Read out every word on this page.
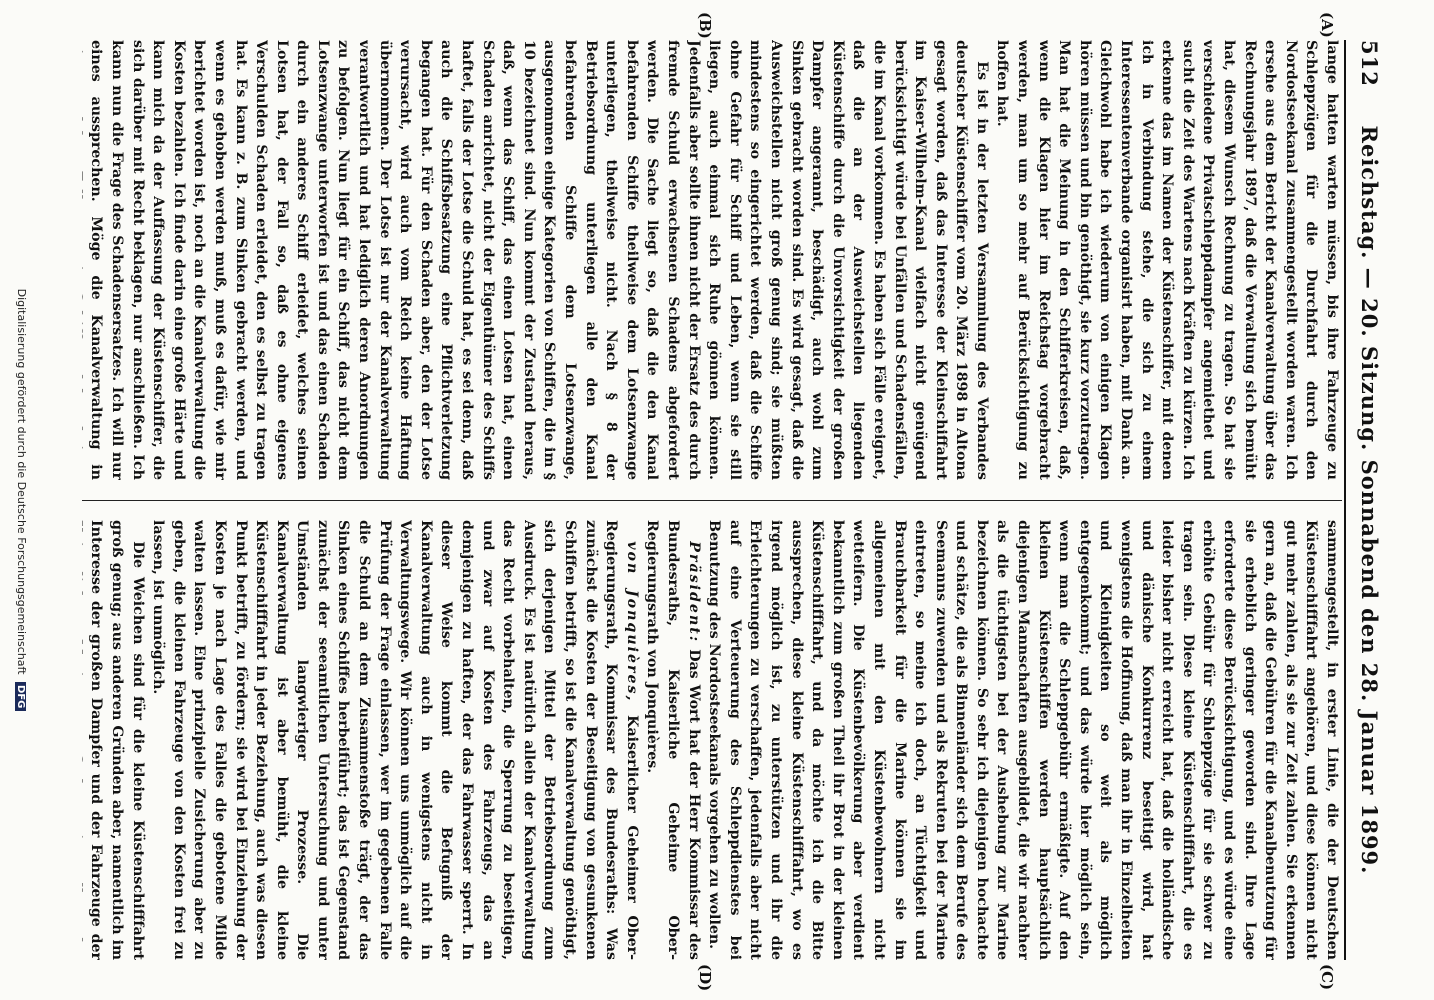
512
Reichstag. — 20. Sitzung. Sonnabend den 28. Januar 1899.
(A)
(B)
(C)
(D)

lange hatten warten müssen, bis ihre Fahrzeuge zu Schleppzügen für die Durchfahrt durch den Nordostseekanal zusammengestellt worden waren. Ich ersehe aus dem Bericht der Kanalverwaltung über das Rechnungsjahr 1897, daß die Verwaltung sich bemüht hat, diesem Wunsch Rechnung zu tragen. So hat sie verschiedene Privatschleppdampfer angemiethet und sucht die Zeit des Wartens nach Kräften zu kürzen. Ich erkenne das im Namen der Küstenschiffer, mit denen ich in Verbindung stehe, die sich zu einem Interessentenverbande organisirt haben, mit Dank an. Gleichwohl habe ich wiederum von einigen Klagen hören müssen und bin genöthigt, sie kurz vorzutragen. Man hat die Meinung in den Schifferkreisen, daß, wenn die Klagen hier im Reichstag vorgebracht werden, man um so mehr auf Berücksichtigung zu hoffen hat.

Es ist in der letzten Versammlung des Verbandes deutscher Küstenschiffer vom 20. März 1898 in Altona gesagt worden, daß das Interesse der Kleinschiffahrt im Kaiser-Wilhelm-Kanal vielfach nicht genügend berücksichtigt würde bei Unfällen und Schadensfällen, die im Kanal vorkommen. Es haben sich Fälle ereignet, daß die an der Ausweichstellen liegenden Küstenschiffe durch die Unvorsichtigkeit der großen Dampfer angerannt, beschädigt, auch wohl zum Sinken gebracht worden sind. Es wird gesagt, daß die Ausweichstellen nicht groß genug sind; sie müßten mindestens so eingerichtet werden, daß die Schiffe ohne Gefahr für Schiff und Leben, wenn sie still liegen, auch einmal sich Ruhe gönnen können. Jedenfalls aber sollte ihnen nicht der Ersatz des durch fremde Schuld erwachsenen Schadens abgefordert werden. Die Sache liegt so, daß die den Kanal befahrenden Schiffe theilweise dem Lotsenzwange unterliegen, theilweise nicht. Nach § 8 der Betriebsordnung unterliegen alle den Kanal befahrenden Schiffe dem Lotsenzwange, ausgenommen einige Kategorien von Schiffen, die im § 10 bezeichnet sind. Nun kommt der Zustand heraus, daß, wenn das Schiff, das einen Lotsen hat, einen Schaden anrichtet, nicht der Eigenthümer des Schiffs haftet, falls der Lotse die Schuld hat, es sei denn, daß auch die Schiffsbesatzung eine Pflichtverletzung begangen hat. Für den Schaden aber, den der Lotse verursacht, wird auch vom Reich keine Haftung übernommen. Der Lotse ist nur der Kanalverwaltung verantwortlich und hat lediglich deren Anordnungen zu befolgen. Nun liegt für ein Schiff, das nicht dem Lotsenzwange unterworfen ist und das einen Schaden durch ein anderes Schiff erleidet, welches seinen Lotsen hat, der Fall so, daß es ohne eigenes Verschulden Schaden erleidet, den es selbst zu tragen hat. Es kann z. B. zum Sinken gebracht werden, und wenn es gehoben werden muß, muß es dafür, wie mir berichtet worden ist, noch an die Kanalverwaltung die Kosten bezahlen. Ich finde darin eine große Härte und kann mich da der Auffassung der Küstenschiffer, die sich darüber mit Recht beklagen, nur anschließen. Ich kann nun die Frage des Schadensersatzes. Ich will nur eines aussprechen. Möge die Kanalverwaltung in

sammengestellt, in erster Linie, die der Deutschen Küstenschifffahrt angehören, und diese können nicht gut mehr zahlen, als sie zur Zeit zahlen. Sie erkennen gern an, daß die Gebühren für die Kanalbenutzung für sie erheblich geringer geworden sind. Ihre Lage erforderte diese Berücksichtigung, und es würde eine erhöhte Gebühr für Schleppzüge für sie schwer zu tragen sein. Diese kleine Küstenschifffahrt, die es leider bisher nicht erreicht hat, daß die holländische und dänische Konkurrenz beseitigt wird, hat wenigstens die Hoffnung, daß man ihr in Einzelheiten und Kleinigkeiten so weit als möglich entgegenkommt; und das würde hier möglich sein, wenn man die Schleppgebühr ermäßigte. Auf den kleinen Küstenschiffen werden hauptsächlich diejenigen Mannschaften ausgebildet, die wir nachher als die tüchtigsten bei der Aushebung zur Marine bezeichnen können. So sehr ich diejenigen hochachte und schätze, die als Binnenländer sich dem Berufe des Seemanns zuwenden und als Rekruten bei der Marine eintreten, so meine ich doch, an Tüchtigkeit und Brauchbarkeit für die Marine können sie im allgemeinen mit den Küstenbewohnern nicht wetteifern. Die Küstenbevölkerung aber verdient bekanntlich zum großen Theil ihr Brot in der kleinen Küstenschifffahrt, und da möchte ich die Bitte aussprechen, diese kleine Küstenschifffahrt, wo es irgend möglich ist, zu unterstützen und ihr die Erleichterungen zu verschaffen, jedenfalls aber nicht auf eine Verteuerung des Schleppdienstes bei Benutzung des Nordostseekanals vorgehen zu wollen.

Präsident: Das Wort hat der Herr Kommissar des Bundesraths, Kaiserliche Geheime Ober-Regierungsrath von Jonquières.

von Jonquières, Kaiserlicher Geheimer Ober-Regierungsrath, Kommissar des Bundesraths: Was zunächst die Kosten der Beseitigung von gesunkenen Schiffen betrifft, so ist die Kanalverwaltung genöthigt, sich derjenigen Mittel der Betriebsordnung zum Ausdruck. Es ist natürlich allein der Kanalverwaltung das Recht vorbehalten, die Sperrung zu beseitigen, und zwar auf Kosten des Fahrzeugs, das an demjenigen zu haften, der das Fahrwasser sperrt. In dieser Weise kommt die Befugniß der Kanalverwaltung auch in wenigstens nicht in Verwaltungswege. Wir können uns unmöglich auf die Prüfung der Frage einlassen, wer im gegebenen Falle die Schuld an dem Zusammenstoße trägt, der das Sinken eines Schiffes herbeiführt; das ist Gegenstand zunächst der seeamtlichen Untersuchung und unter Umständen langwieriger Prozesse. Die Kanalverwaltung ist aber bemüht, die kleine Küstenschifffahrt in jeder Beziehung, auch was diesen Punkt betrifft, zu fördern; sie wird bei Einziehung der Kosten je nach Lage des Falles die gebotene Milde walten lassen. Eine prinzipielle Zusicherung aber zu geben, die kleinen Fahrzeuge von den Kosten frei zu lassen, ist unmöglich.

Die Weichen sind für die kleine Küstenschifffahrt groß genug; aus anderen Gründen aber, namentlich im Interesse der großen Dampfer und der Fahrzeuge der

Digitalisierung gefördert durch die Deutsche Forschungsgemeinschaft DFG
